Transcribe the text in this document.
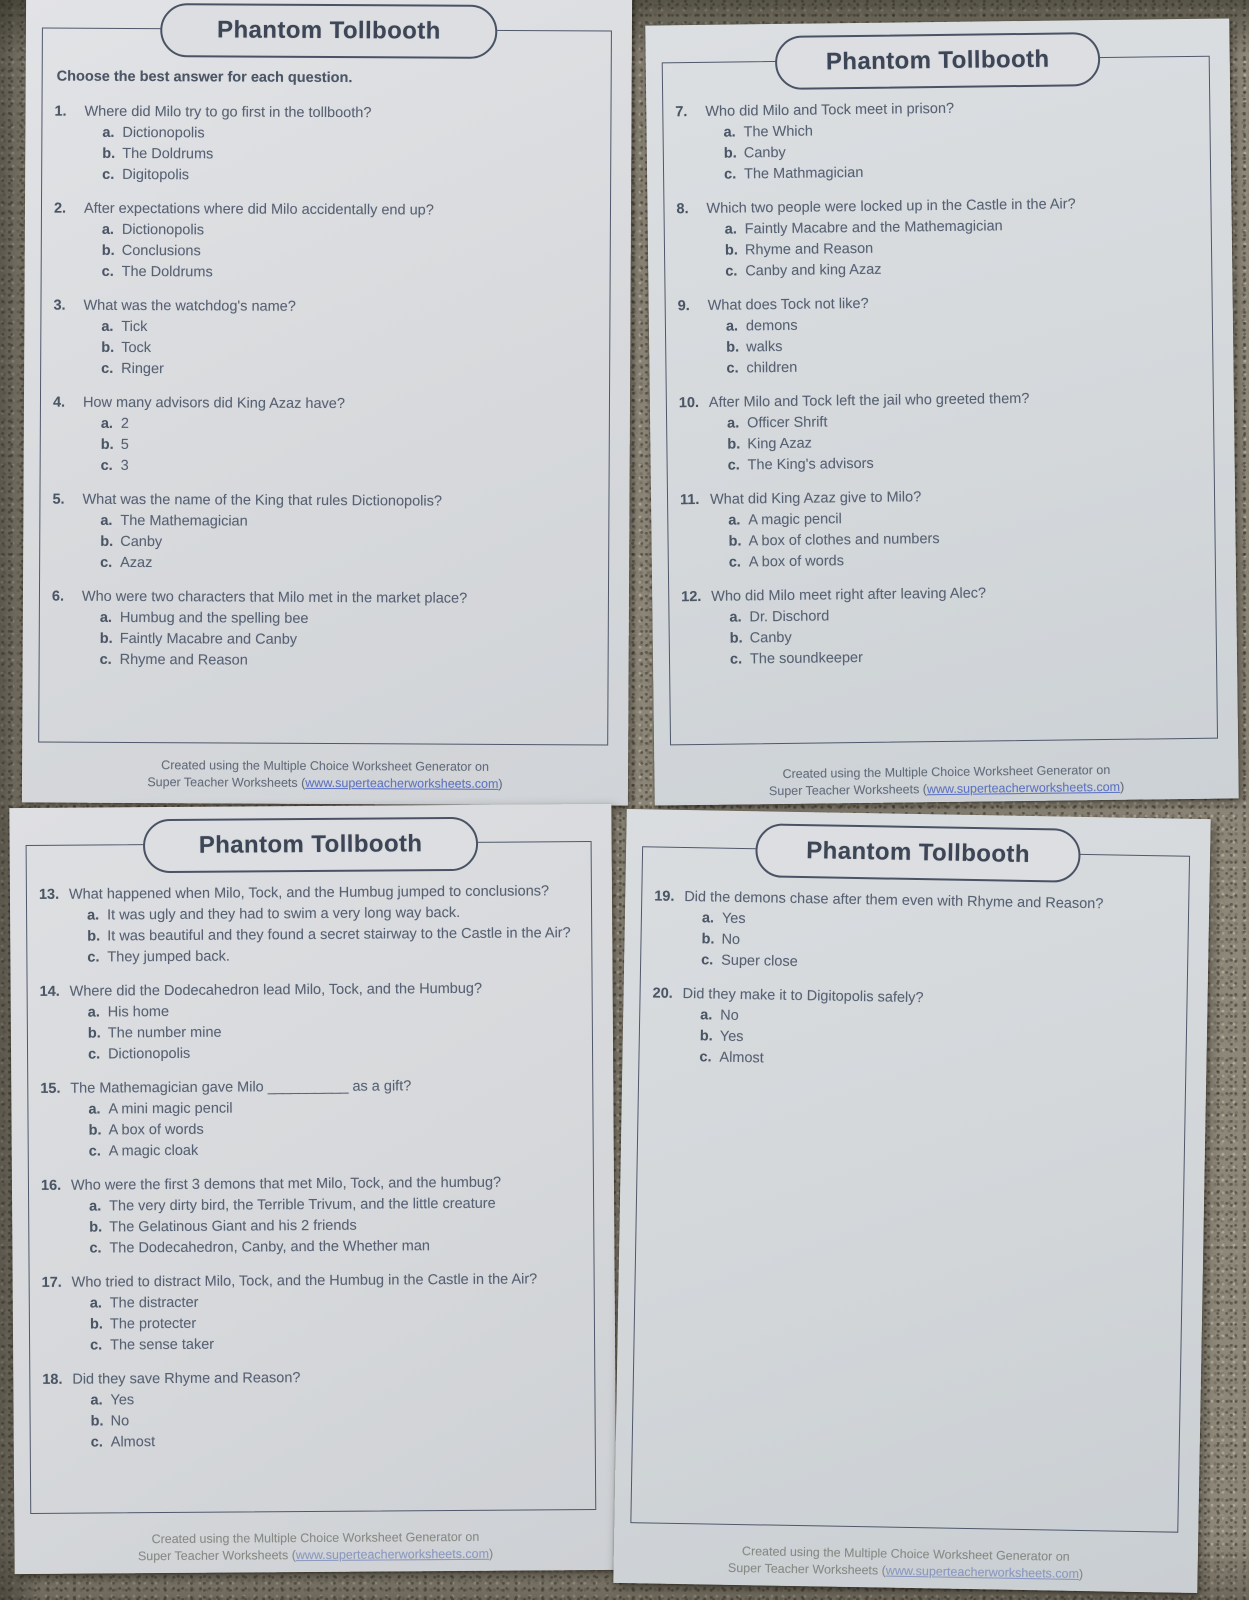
Phantom Tollbooth

Choose the best answer for each question.

1.	Where did Milo try to go first in the tollbooth?
a. Dictionopolis
b. The Doldrums
c. Digitopolis
2.	After expectations where did Milo accidentally end up?
a. Dictionopolis
b. Conclusions
c. The Doldrums
3.	What was the watchdog's name?
a. Tick
b. Tock
c. Ringer
4.	How many advisors did King Azaz have?
a. 2
b. 5
c. 3
5.	What was the name of the King that rules Dictionopolis?
a. The Mathemagician
b. Canby
c. Azaz
6.	Who were two characters that Milo met in the market place?
a. Humbug and the spelling bee
b. Faintly Macabre and Canby
c. Rhyme and Reason
Created using the Multiple Choice Worksheet Generator on
Super Teacher Worksheets (www.superteacherworksheets.com)
Phantom Tollbooth
7.	Who did Milo and Tock meet in prison?
a. The Which
b. Canby
c. The Mathmagician
8.	Which two people were locked up in the Castle in the Air?
a. Faintly Macabre and the Mathemagician
b. Rhyme and Reason
c. Canby and king Azaz
9.	What does Tock not like?
a. demons
b. walks
c. children
10. After Milo and Tock left the jail who greeted them?
a. Officer Shrift
b. King Azaz
c. The King's advisors
11. What did King Azaz give to Milo?
a. A magic pencil
b. A box of clothes and numbers
c. A box of words
12. Who did Milo meet right after leaving Alec?
a. Dr. Dischord
b. Canby
c. The soundkeeper
Created using the Multiple Choice Worksheet Generator on
Super Teacher Worksheets (www.superteacherworksheets.com)
Phantom Tollbooth
13. What happened when Milo, Tock, and the Humbug jumped to conclusions?
a. It was ugly and they had to swim a very long way back.
b. It was beautiful and they found a secret stairway to the Castle in the Air?
c. They jumped back.
14. Where did the Dodecahedron lead Milo, Tock, and the Humbug?
a. His home
b. The number mine
c. Dictionopolis
15. The Mathemagician gave Milo __________ as a gift?
a. A mini magic pencil
b. A box of words
c. A magic cloak
16. Who were the first 3 demons that met Milo, Tock, and the humbug?
a. The very dirty bird, the Terrible Trivum, and the little creature
b. The Gelatinous Giant and his 2 friends
c. The Dodecahedron, Canby, and the Whether man
17. Who tried to distract Milo, Tock, and the Humbug in the Castle in the Air?
a. The distracter
b. The protecter
c. The sense taker
18. Did they save Rhyme and Reason?
a. Yes
b. No
c. Almost
Created using the Multiple Choice Worksheet Generator on
Super Teacher Worksheets (www.superteacherworksheets.com)
Phantom Tollbooth
19. Did the demons chase after them even with Rhyme and Reason?
a. Yes
b. No
c. Super close
20. Did they make it to Digitopolis safely?
a. No
b. Yes
c. Almost
Created using the Multiple Choice Worksheet Generator on
Super Teacher Worksheets (www.superteacherworksheets.com)
